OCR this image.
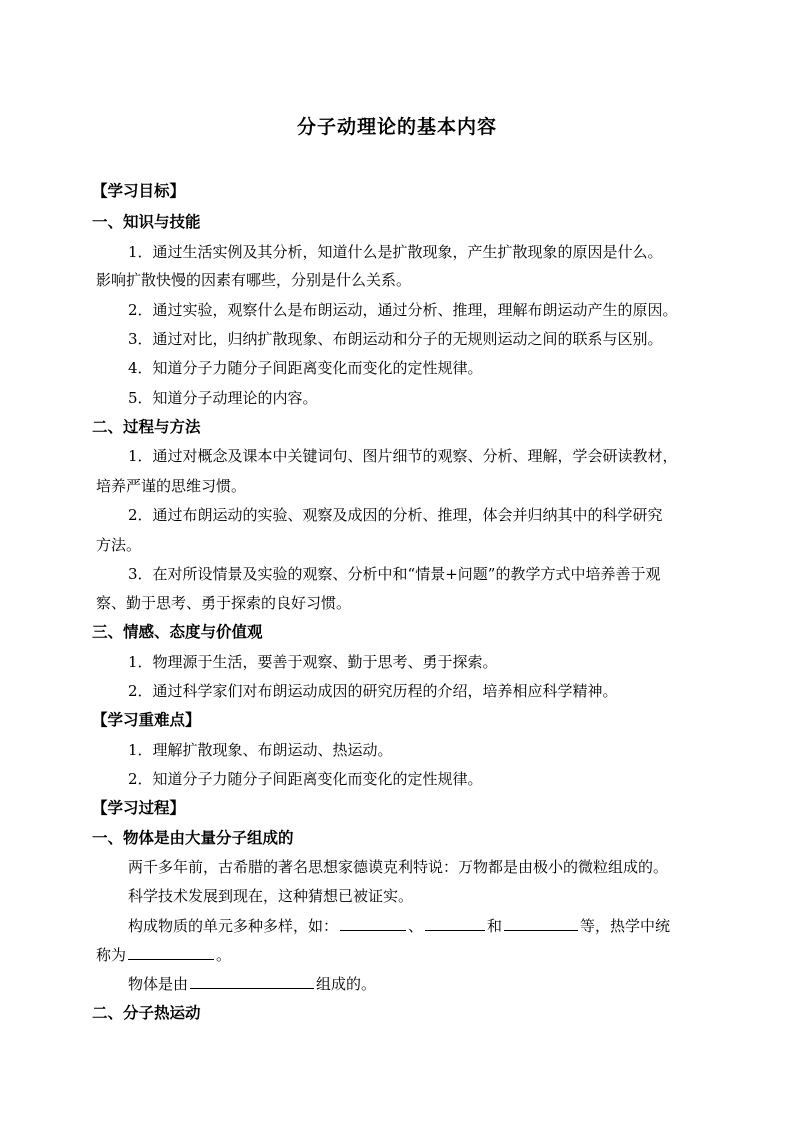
分子动理论的基本内容
【学习目标】
一、知识与技能
1．通过生活实例及其分析，知道什么是扩散现象，产生扩散现象的原因是什么。
影响扩散快慢的因素有哪些，分别是什么关系。
2．通过实验，观察什么是布朗运动，通过分析、推理，理解布朗运动产生的原因。
3．通过对比，归纳扩散现象、布朗运动和分子的无规则运动之间的联系与区别。
4．知道分子力随分子间距离变化而变化的定性规律。
5．知道分子动理论的内容。
二、过程与方法
1．通过对概念及课本中关键词句、图片细节的观察、分析、理解，学会研读教材，
培养严谨的思维习惯。
2．通过布朗运动的实验、观察及成因的分析、推理，体会并归纳其中的科学研究
方法。
3．在对所设情景及实验的观察、分析中和“情景+问题”的教学方式中培养善于观
察、勤于思考、勇于探索的良好习惯。
三、情感、态度与价值观
1．物理源于生活，要善于观察、勤于思考、勇于探索。
2．通过科学家们对布朗运动成因的研究历程的介绍，培养相应科学精神。
【学习重难点】
1．理解扩散现象、布朗运动、热运动。
2．知道分子力随分子间距离变化而变化的定性规律。
【学习过程】
一、物体是由大量分子组成的
两千多年前，古希腊的著名思想家德谟克利特说：万物都是由极小的微粒组成的。
科学技术发展到现在，这种猜想已被证实。
构成物质的单元多种多样，如：	、	和	等，热学中统
称为	。
物体是由	组成的。
二、分子热运动
